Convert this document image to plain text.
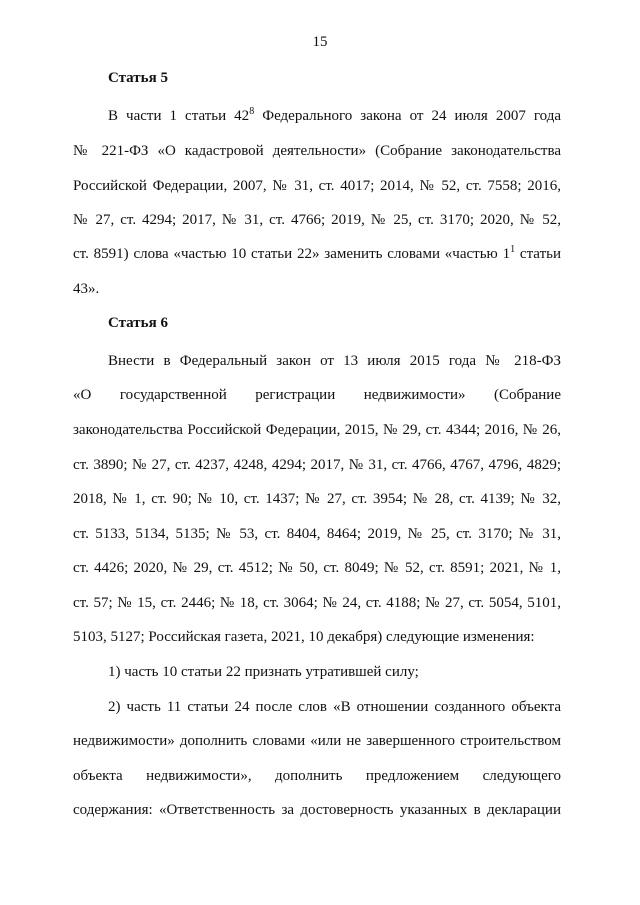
15
Статья 5
В части 1 статьи $42^8$ Федерального закона от 24 июля 2007 года
№ 221-ФЗ «О кадастровой деятельности» (Собрание законодательства
Российской Федерации, 2007, № 31, ст. 4017; 2014, № 52, ст. 7558; 2016,
№ 27, ст. 4294; 2017, № 31, ст. 4766; 2019, № 25, ст. 3170; 2020, № 52,
ст. 8591) слова «частью 10 статьи 22» заменить словами «частью $1^1$ статьи
43».
Статья 6
Внести в Федеральный закон от 13 июля 2015 года № 218-ФЗ
«О государственной регистрации недвижимости» (Собрание
законодательства Российской Федерации, 2015, № 29, ст. 4344; 2016, № 26,
ст. 3890; № 27, ст. 4237, 4248, 4294; 2017, № 31, ст. 4766, 4767, 4796, 4829;
2018, № 1, ст. 90; № 10, ст. 1437; № 27, ст. 3954; № 28, ст. 4139; № 32,
ст. 5133, 5134, 5135; № 53, ст. 8404, 8464; 2019, № 25, ст. 3170; № 31,
ст. 4426; 2020, № 29, ст. 4512; № 50, ст. 8049; № 52, ст. 8591; 2021, № 1,
ст. 57; № 15, ст. 2446; № 18, ст. 3064; № 24, ст. 4188; № 27, ст. 5054, 5101,
5103, 5127; Российская газета, 2021, 10 декабря) следующие изменения:
1) часть 10 статьи 22 признать утратившей силу;
2) часть 11 статьи 24 после слов «В отношении созданного объекта
недвижимости» дополнить словами «или не завершенного строительством
объекта недвижимости», дополнить предложением следующего
содержания: «Ответственность за достоверность указанных в декларации
